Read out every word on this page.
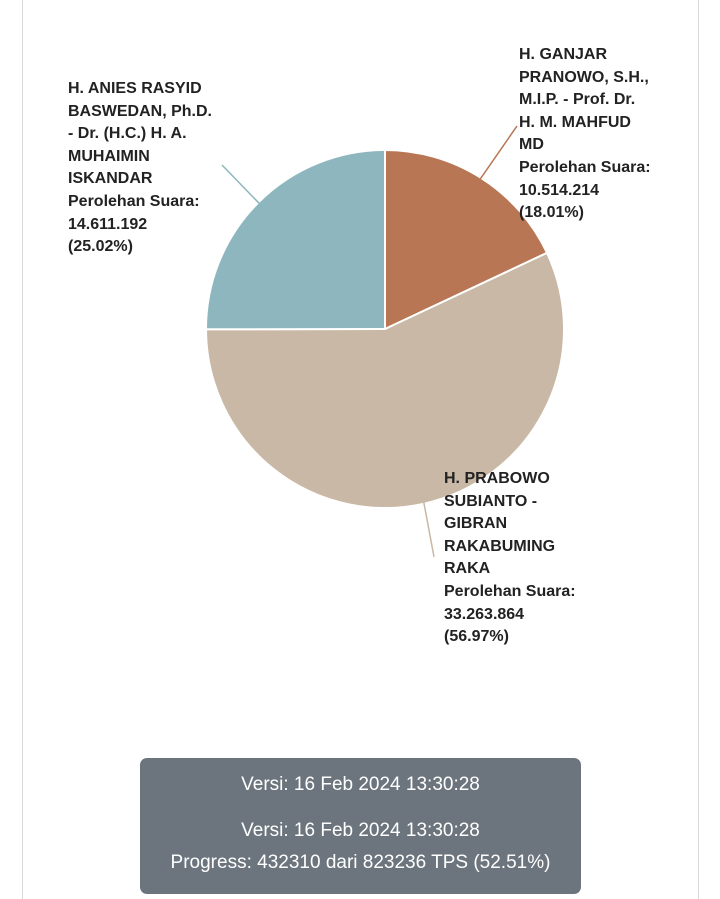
H. ANIES RASYID
BASWEDAN, Ph.D.
- Dr. (H.C.) H. A.
MUHAIMIN
ISKANDAR
Perolehan Suara:
14.611.192
(25.02%)
H. GANJAR
PRANOWO, S.H.,
M.I.P. - Prof. Dr.
H. M. MAHFUD
MD
Perolehan Suara:
10.514.214
(18.01%)
H. PRABOWO
SUBIANTO -
GIBRAN
RAKABUMING
RAKA
Perolehan Suara:
33.263.864
(56.97%)
Versi: 16 Feb 2024 13:30:28
Versi: 16 Feb 2024 13:30:28
Progress: 432310 dari 823236 TPS (52.51%)
